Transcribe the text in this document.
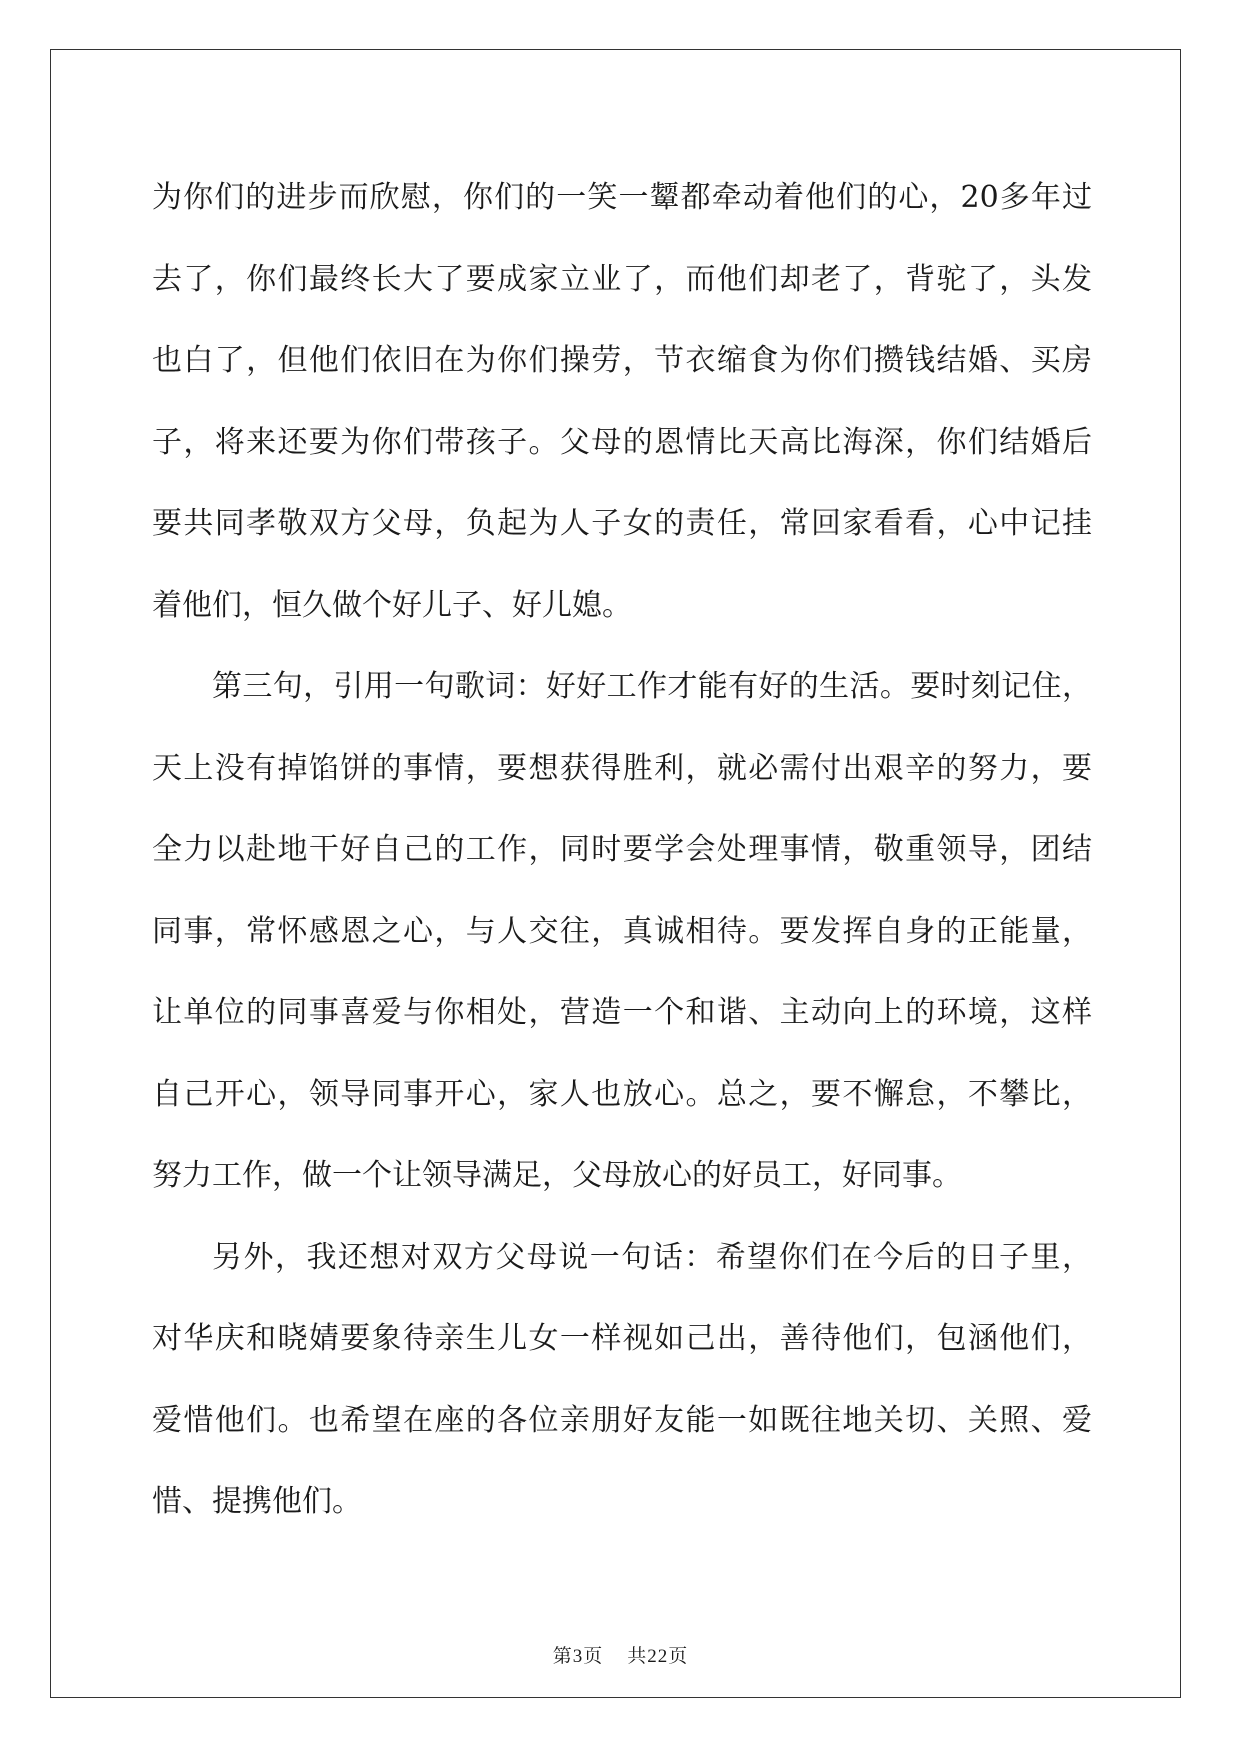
为你们的进步而欣慰，你们的一笑一颦都牵动着他们的心，20多年过
去了，你们最终长大了要成家立业了，而他们却老了，背驼了，头发
也白了，但他们依旧在为你们操劳，节衣缩食为你们攒钱结婚、买房
子，将来还要为你们带孩子。父母的恩情比天高比海深，你们结婚后
要共同孝敬双方父母，负起为人子女的责任，常回家看看，心中记挂
着他们，恒久做个好儿子、好儿媳。
第三句，引用一句歌词：好好工作才能有好的生活。要时刻记住，
天上没有掉馅饼的事情，要想获得胜利，就必需付出艰辛的努力，要
全力以赴地干好自己的工作，同时要学会处理事情，敬重领导，团结
同事，常怀感恩之心，与人交往，真诚相待。要发挥自身的正能量，
让单位的同事喜爱与你相处，营造一个和谐、主动向上的环境，这样
自己开心，领导同事开心，家人也放心。总之，要不懈怠，不攀比，
努力工作，做一个让领导满足，父母放心的好员工，好同事。
另外，我还想对双方父母说一句话：希望你们在今后的日子里，
对华庆和晓婧要象待亲生儿女一样视如己出，善待他们，包涵他们，
爱惜他们。也希望在座的各位亲朋好友能一如既往地关切、关照、爱
惜、提携他们。
第3页 共22页
